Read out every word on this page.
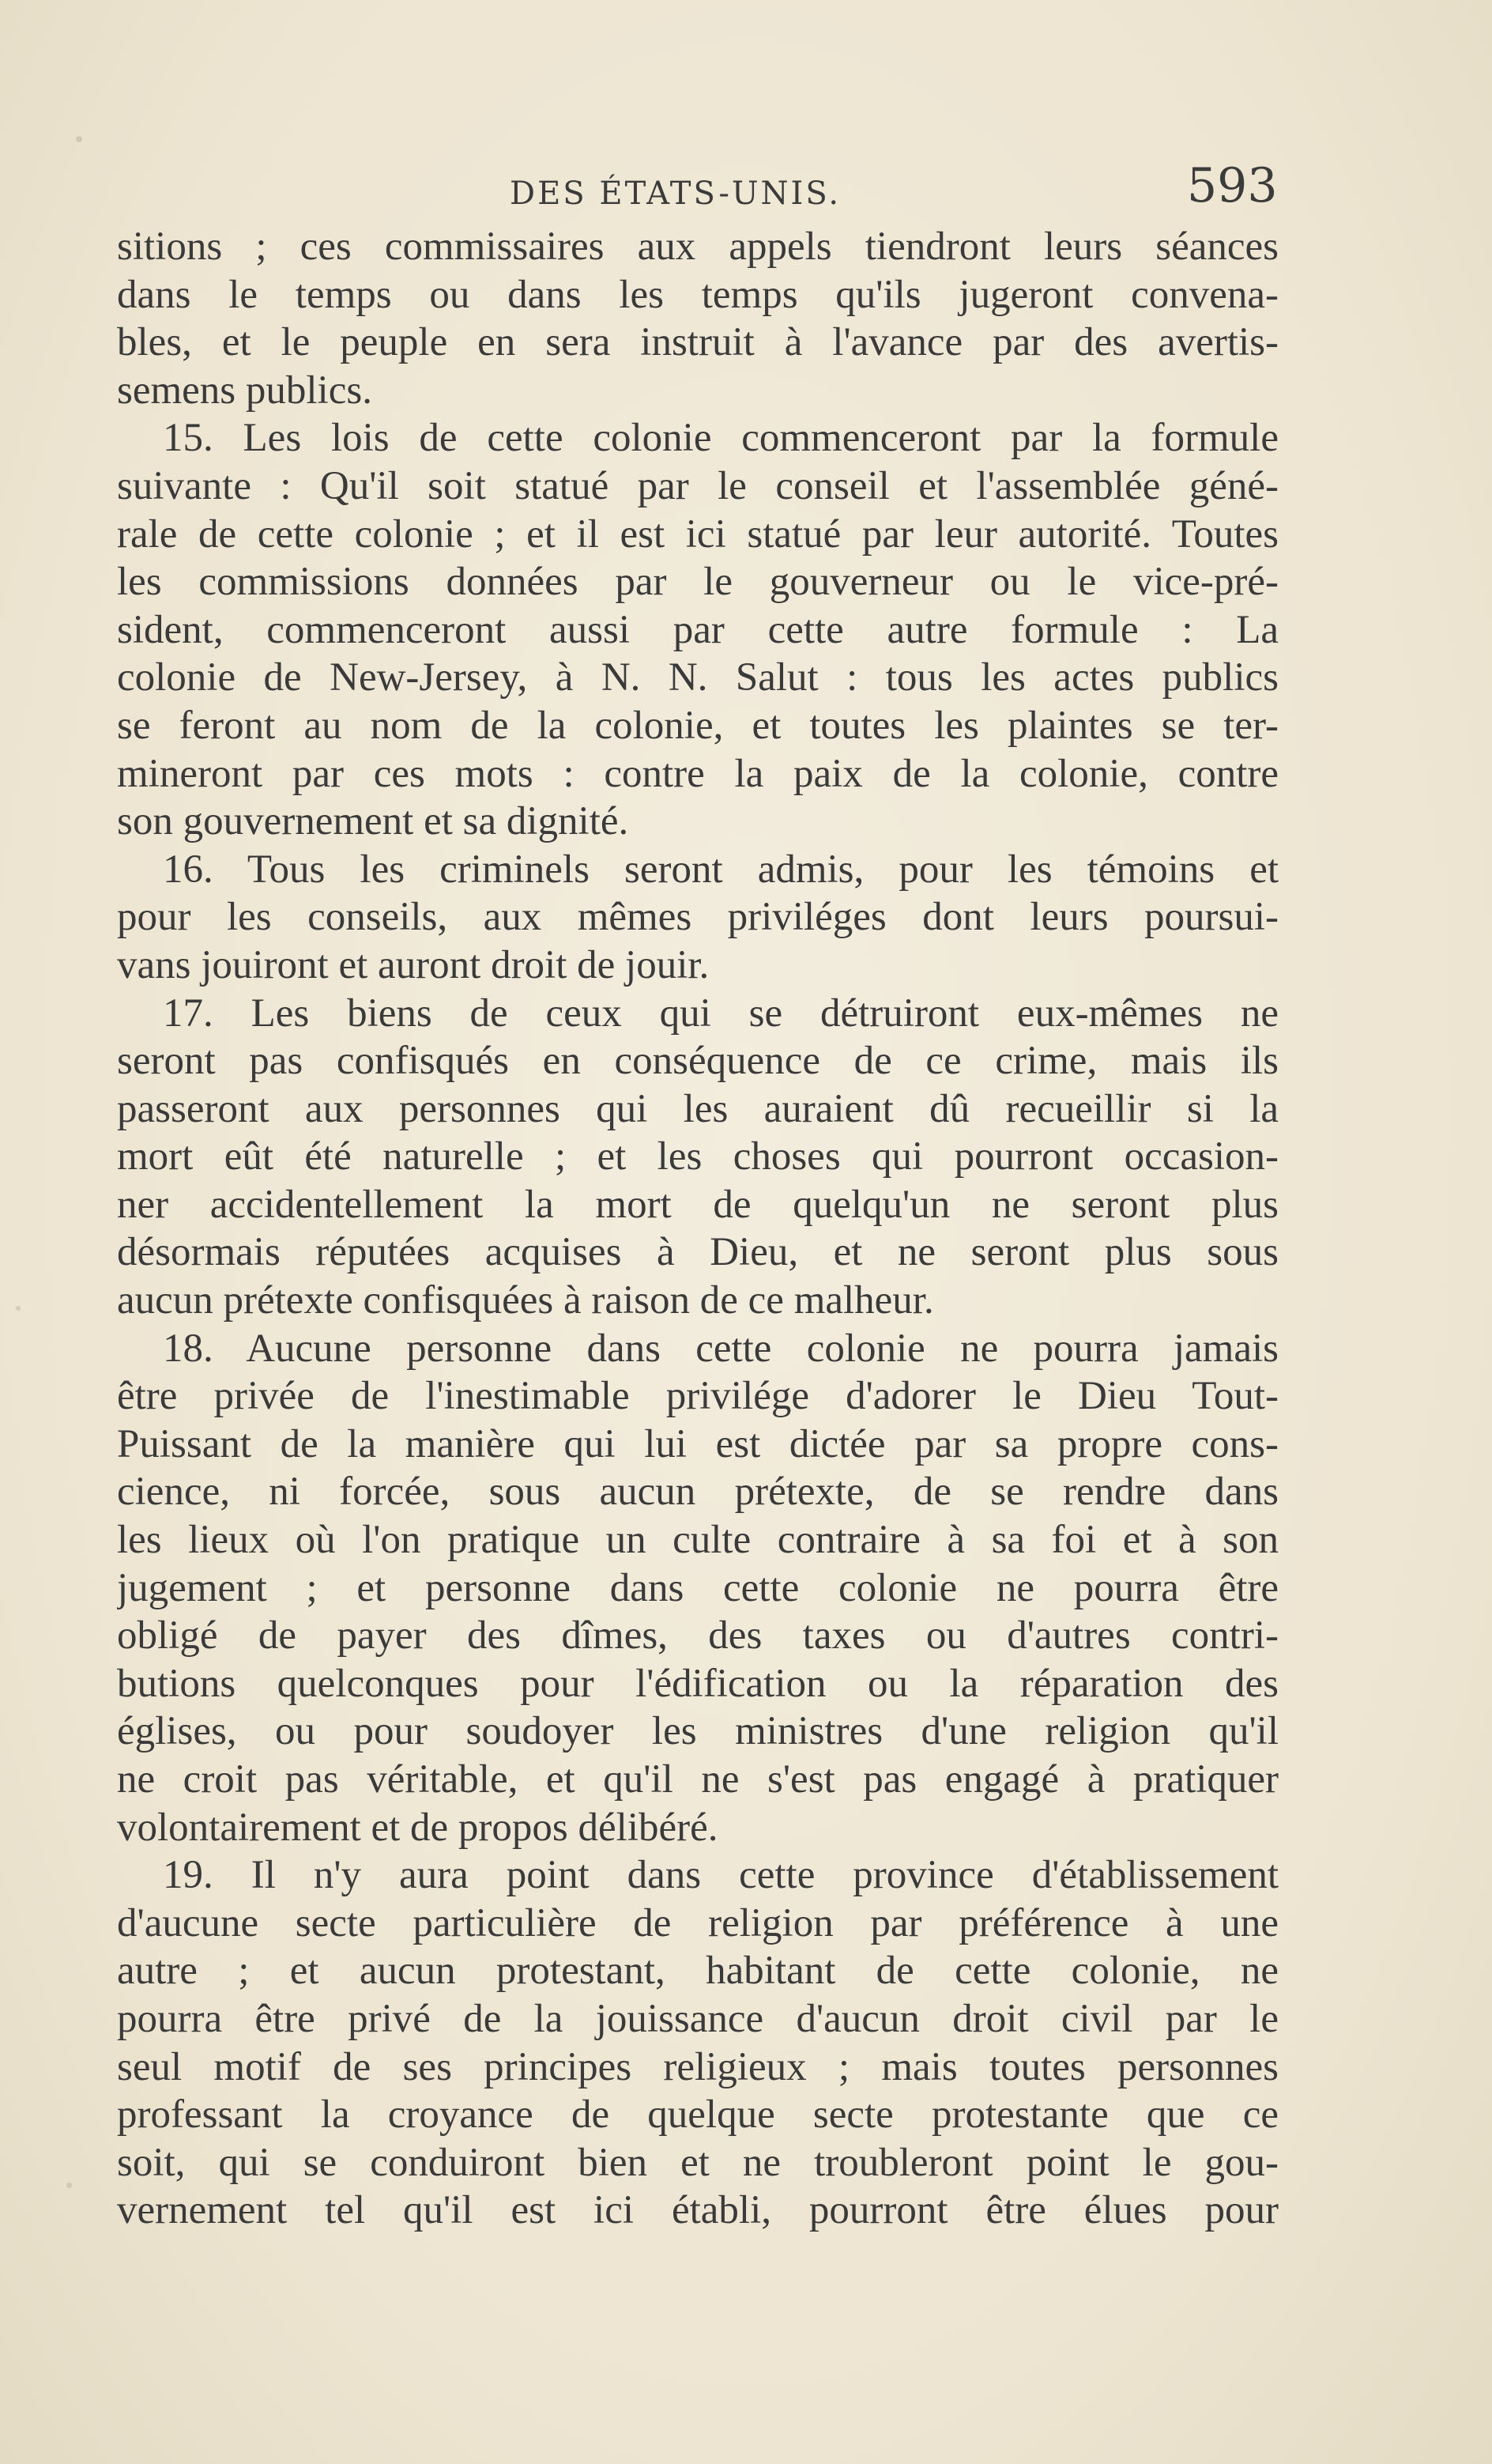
DES ÉTATS-UNIS.	593
sitions ; ces commissaires aux appels tiendront leurs séances
dans le temps ou dans les temps qu'ils jugeront convena-
bles, et le peuple en sera instruit à l'avance par des avertis-
semens publics.
15. Les lois de cette colonie commenceront par la formule
suivante : Qu'il soit statué par le conseil et l'assemblée géné-
rale de cette colonie ; et il est ici statué par leur autorité. Toutes
les commissions données par le gouverneur ou le vice-pré-
sident, commenceront aussi par cette autre formule : La
colonie de New-Jersey, à N. N. Salut : tous les actes publics
se feront au nom de la colonie, et toutes les plaintes se ter-
mineront par ces mots : contre la paix de la colonie, contre
son gouvernement et sa dignité.
16. Tous les criminels seront admis, pour les témoins et
pour les conseils, aux mêmes priviléges dont leurs poursui-
vans jouiront et auront droit de jouir.
17. Les biens de ceux qui se détruiront eux-mêmes ne
seront pas confisqués en conséquence de ce crime, mais ils
passeront aux personnes qui les auraient dû recueillir si la
mort eût été naturelle ; et les choses qui pourront occasion-
ner accidentellement la mort de quelqu'un ne seront plus
désormais réputées acquises à Dieu, et ne seront plus sous
aucun prétexte confisquées à raison de ce malheur.
18. Aucune personne dans cette colonie ne pourra jamais
être privée de l'inestimable privilége d'adorer le Dieu Tout-
Puissant de la manière qui lui est dictée par sa propre cons-
cience, ni forcée, sous aucun prétexte, de se rendre dans
les lieux où l'on pratique un culte contraire à sa foi et à son
jugement ; et personne dans cette colonie ne pourra être
obligé de payer des dîmes, des taxes ou d'autres contri-
butions quelconques pour l'édification ou la réparation des
églises, ou pour soudoyer les ministres d'une religion qu'il
ne croit pas véritable, et qu'il ne s'est pas engagé à pratiquer
volontairement et de propos délibéré.
19. Il n'y aura point dans cette province d'établissement
d'aucune secte particulière de religion par préférence à une
autre ; et aucun protestant, habitant de cette colonie, ne
pourra être privé de la jouissance d'aucun droit civil par le
seul motif de ses principes religieux ; mais toutes personnes
professant la croyance de quelque secte protestante que ce
soit, qui se conduiront bien et ne troubleront point le gou-
vernement tel qu'il est ici établi, pourront être élues pour
